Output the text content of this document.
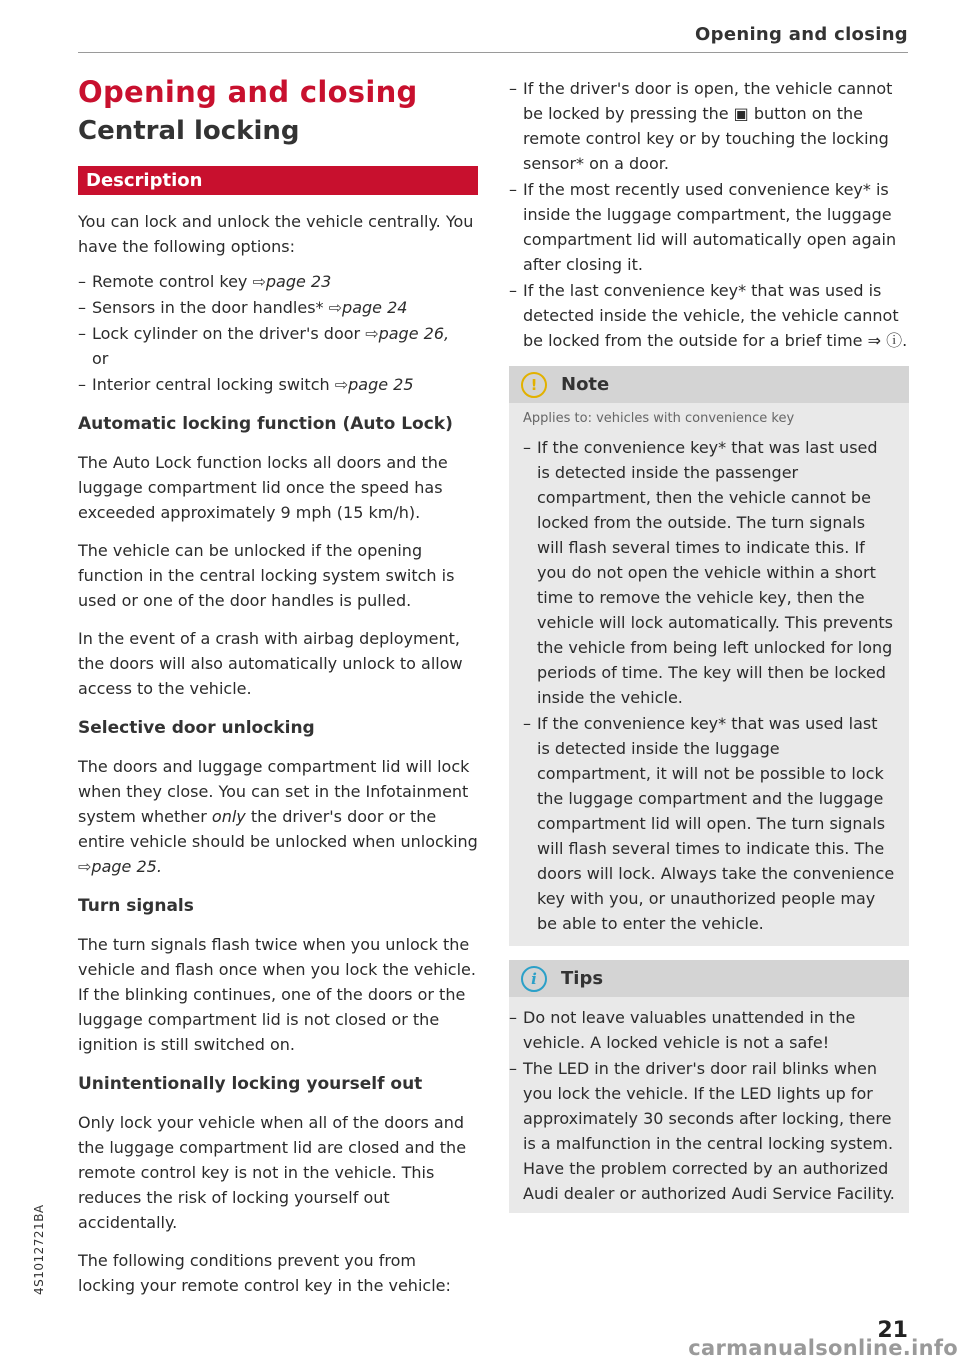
Opening and closing
Opening and closing
Central locking
Description

You can lock and unlock the vehicle centrally. You have the following options:

– Remote control key ⇨page 23
– Sensors in the door handles* ⇨page 24
– Lock cylinder on the driver's door ⇨page 26,
or
– Interior central locking switch ⇨page 25
Automatic locking function (Auto Lock)

The Auto Lock function locks all doors and the luggage compartment lid once the speed has exceeded approximately 9 mph (15 km/h).

The vehicle can be unlocked if the opening function in the central locking system switch is used or one of the door handles is pulled.

In the event of a crash with airbag deployment, the doors will also automatically unlock to allow access to the vehicle.

Selective door unlocking

The doors and luggage compartment lid will lock when they close. You can set in the Infotainment system whether only the driver's door or the entire vehicle should be unlocked when unlocking ⇨page 25.

Turn signals

The turn signals flash twice when you unlock the vehicle and flash once when you lock the vehicle. If the blinking continues, one of the doors or the luggage compartment lid is not closed or the ignition is still switched on.

Unintentionally locking yourself out

Only lock your vehicle when all of the doors and the luggage compartment lid are closed and the remote control key is not in the vehicle. This reduces the risk of locking yourself out accidentally.

The following conditions prevent you from locking your remote control key in the vehicle:

– If the driver's door is open, the vehicle cannot be locked by pressing the ▣ button on the remote control key or by touching the locking sensor* on a door.
– If the most recently used convenience key* is inside the luggage compartment, the luggage compartment lid will automatically open again after closing it.
– If the last convenience key* that was used is detected inside the vehicle, the vehicle cannot be locked from the outside for a brief time ⇒ ⓘ.
!	Note
Applies to: vehicles with convenience key
– If the convenience key* that was last used is detected inside the passenger compartment, then the vehicle cannot be locked from the outside. The turn signals will flash several times to indicate this. If you do not open the vehicle within a short time to remove the vehicle key, then the vehicle will lock automatically. This prevents the vehicle from being left unlocked for long periods of time. The key will then be locked inside the vehicle.
– If the convenience key* that was used last is detected inside the luggage compartment, it will not be possible to lock the luggage compartment and the luggage compartment lid will open. The turn signals will flash several times to indicate this. The doors will lock. Always take the convenience key with you, or unauthorized people may be able to enter the vehicle.
i	Tips
– Do not leave valuables unattended in the vehicle. A locked vehicle is not a safe!
– The LED in the driver's door rail blinks when you lock the vehicle. If the LED lights up for approximately 30 seconds after locking, there is a malfunction in the central locking system. Have the problem corrected by an authorized Audi dealer or authorized Audi Service Facility.
4S1012721BA
21
carmanualsonline.info
